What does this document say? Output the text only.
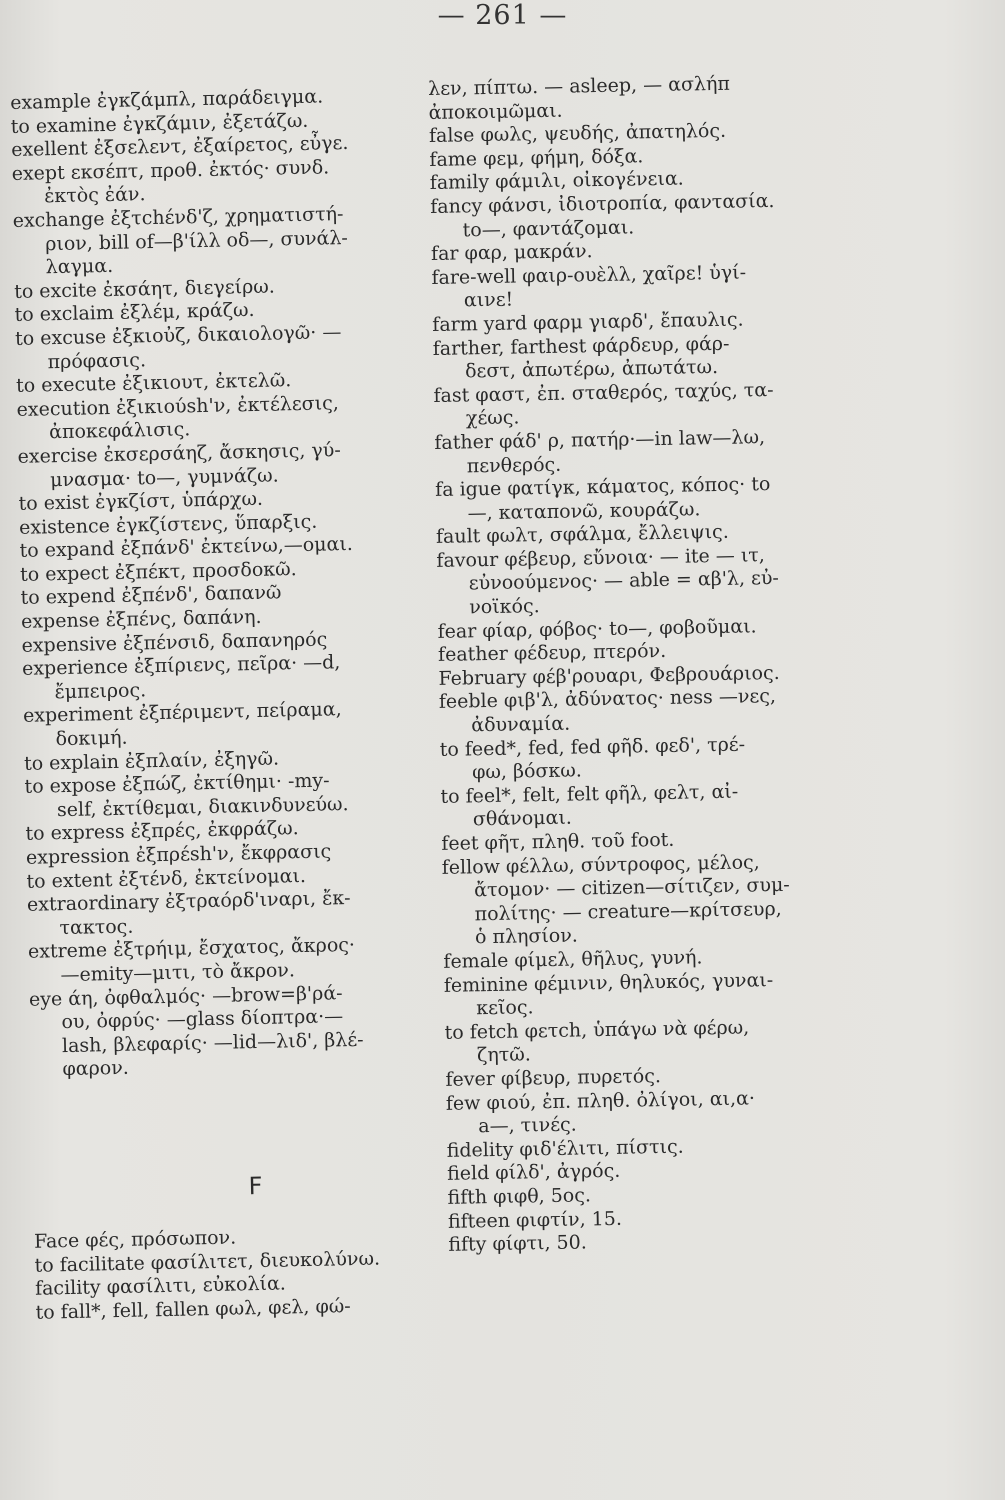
— 261 —
example ἐγκζάμπλ, παράδειγμα.
to examine ἐγκζάμιν, ἐξετάζω.
exellent ἐξσελεντ, ἐξαίρετος, εὖγε.
exept εκσέπτ, προθ. ἐκτός· συνδ.
ἐκτὸς ἐάν.
exchange ἐξτchένδ'ζ, χρηματιστή-
ριον, bill of—β'ίλλ οδ—, συνάλ-
λαγμα.
to excite ἐκσάητ, διεγείρω.
to exclaim ἐξλέμ, κράζω.
to excuse ἐξκιοὐζ, δικαιολογῶ· —
πρόφασις.
to execute ἐξικιουτ, ἐκτελῶ.
execution ἐξικιούsh'ν, ἐκτέλεσις,
ἀποκεφάλισις.
exercise ἐκσερσάηζ, ἄσκησις, γύ-
μνασμα· to—, γυμνάζω.
to exist ἐγκζίστ, ὑπάρχω.
existence ἐγκζίστενς, ὕπαρξις.
to expand ἐξπάνδ' ἐκτείνω,—ομαι.
to expect ἐξπέκτ, προσδοκῶ.
to expend ἐξπένδ', δαπανῶ
expense ἐξπένς, δαπάνη.
expensive ἐξπένσιδ, δαπανηρός
experience ἐξπίριενς, πεῖρα· —d,
ἔμπειρος.
experiment ἐξπέριμεντ, πείραμα,
δοκιμή.
to explain ἐξπλαίν, ἐξηγῶ.
to expose ἐξπώζ, ἐκτίθημι· -my-
self, ἐκτίθεμαι, διακινδυνεύω.
to express ἐξπρές, ἐκφράζω.
expression ἐξπρέsh'ν, ἔκφρασις
to extent ἐξτένδ, ἐκτείνομαι.
extraordinary ἐξτραόρδ'ιναρι, ἔκ-
τακτος.
extreme ἐξτρήιμ, ἔσχατος, ἄκρος·
—emity—μιτι, τὸ ἄκρον.
eye άη, ὀφθαλμός· —brow=β'ρά-
ου, ὀφρύς· —glass δίοπτρα·—
lash, βλεφαρίς· —lid—λιδ', βλέ-
φαρον.
F
Face φές, πρόσωπον.
to facilitate φασίλιτετ, διευκολύνω.
facility φασίλιτι, εὐκολία.
to fall*, fell, fallen φωλ, φελ, φώ-
λεν, πίπτω. — asleep, — ασλήπ
ἀποκοιμῶμαι.
false φωλς, ψευδής, ἀπατηλός.
fame φεμ, φήμη, δόξα.
family φάμιλι, οἰκογένεια.
fancy φάνσι, ἰδιοτροπία, φαντασία.
to—, φαντάζομαι.
far φαρ, μακράν.
fare-well φαιρ-ουὲλλ, χαῖρε! ὑγί-
αινε!
farm yard φαρμ γιαρδ', ἔπαυλις.
farther, farthest φάρδευρ, φάρ-
δεστ, ἀπωτέρω, ἀπωτάτω.
fast φαστ, ἐπ. σταθερός, ταχύς, τα-
χέως.
father φάδ' ρ, πατήρ·—in law—λω,
πενθερός.
fa igue φατίγκ, κάματος, κόπος· to
—, καταπονῶ, κουράζω.
fault φωλτ, σφάλμα, ἔλλειψις.
favour φέβευρ, εὔνοια· — ite — ιτ,
εὐνοούμενος· — able = αβ'λ, εὐ-
νοϊκός.
fear φίαρ, φόβος· to—, φοβοῦμαι.
feather φέδευρ, πτερόν.
February φέβ'ρουαρι, Φεβρουάριος.
feeble φιβ'λ, ἀδύνατος· ness —νες,
ἀδυναμία.
to feed*, fed, fed φῆδ. φεδ', τρέ-
φω, βόσκω.
to feel*, felt, felt φῆλ, φελτ, αἰ-
σθάνομαι.
feet φῆτ, πληθ. τοῦ foot.
fellow φέλλω, σύντροφος, μέλος,
ἄτομον· — citizen—σίτιζεν, συμ-
πολίτης· — creature—κρίτσευρ,
ὁ πλησίον.
female φίμελ, θῆλυς, γυνή.
feminine φέμινιν, θηλυκός, γυναι-
κεῖος.
to fetch φετch, ὑπάγω νὰ φέρω,
ζητῶ.
fever φίβευρ, πυρετός.
few φιού, ἐπ. πληθ. ὀλίγοι, αι,α·
a—, τινές.
fidelity φιδ'έλιτι, πίστις.
field φίλδ', ἀγρός.
fifth φιφθ, 5ος.
fifteen φιφτίν, 15.
fifty φίφτι, 50.
